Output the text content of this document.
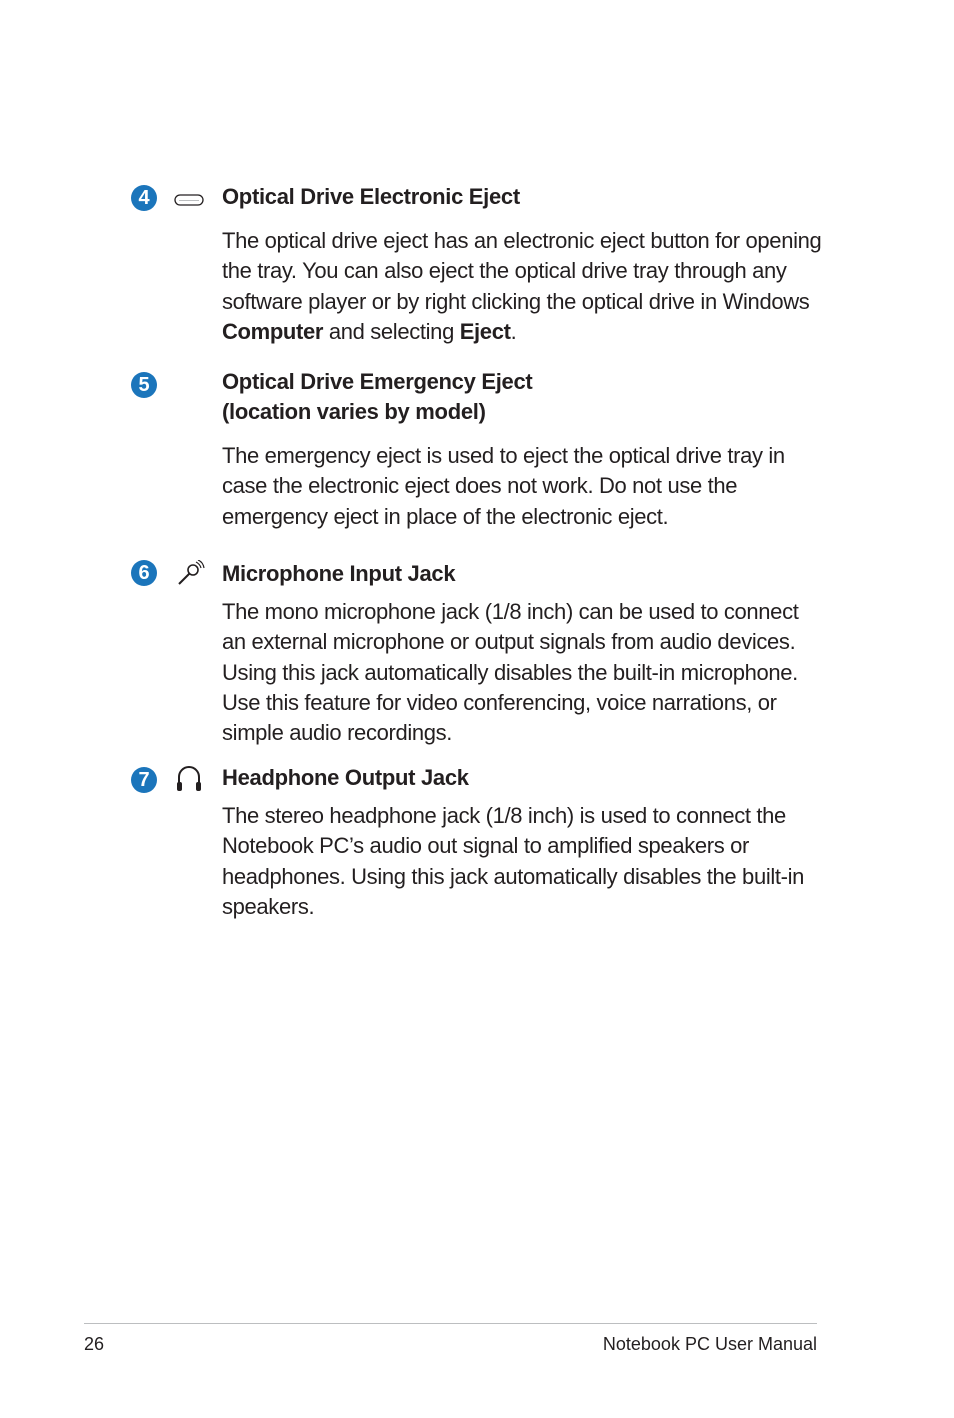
4	Optical Drive Electronic Eject
The optical drive eject has an electronic eject button for opening the tray. You can also eject the optical drive tray through any software player or by right clicking the optical drive in Windows Computer and selecting Eject.
5	Optical Drive Emergency Eject
(location varies by model)
The emergency eject is used to eject the optical drive tray in case the electronic eject does not work. Do not use the emergency eject in place of the electronic eject.
6	Microphone Input Jack
The mono microphone jack (1/8 inch) can be used to connect an external microphone or output signals from audio devices. Using this jack automatically disables the built-in microphone. Use this feature for video conferencing, voice narrations, or simple audio recordings.
7	Headphone Output Jack
The stereo headphone jack (1/8 inch) is used to connect the Notebook PC’s audio out signal to amplified speakers or headphones. Using this jack automatically disables the built-in speakers.
26	Notebook PC User Manual
